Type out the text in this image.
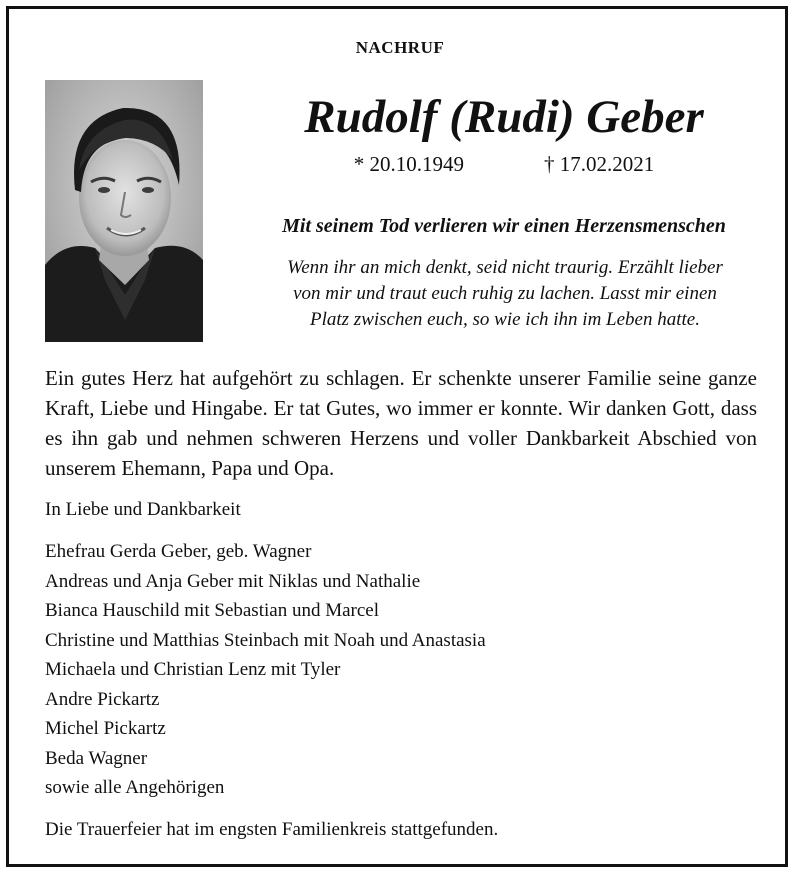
NACHRUF
Rudolf (Rudi) Geber
* 20.10.1949	† 17.02.2021
Mit seinem Tod verlieren wir einen Herzensmenschen
Wenn ihr an mich denkt, seid nicht traurig. Erzählt lieber
von mir und traut euch ruhig zu lachen. Lasst mir einen
Platz zwischen euch, so wie ich ihn im Leben hatte.
Ein gutes Herz hat aufgehört zu schlagen. Er schenkte unserer Familie seine ganze Kraft, Liebe und Hingabe. Er tat Gutes, wo immer er konnte. Wir danken Gott, dass es ihn gab und nehmen schweren Herzens und voller Dankbarkeit Abschied von unserem Ehemann, Papa und Opa.
In Liebe und Dankbarkeit
Ehefrau Gerda Geber, geb. Wagner
Andreas und Anja Geber mit Niklas und Nathalie
Bianca Hauschild mit Sebastian und Marcel
Christine und Matthias Steinbach mit Noah und Anastasia
Michaela und Christian Lenz mit Tyler
Andre Pickartz
Michel Pickartz
Beda Wagner
sowie alle Angehörigen
Die Trauerfeier hat im engsten Familienkreis stattgefunden.
